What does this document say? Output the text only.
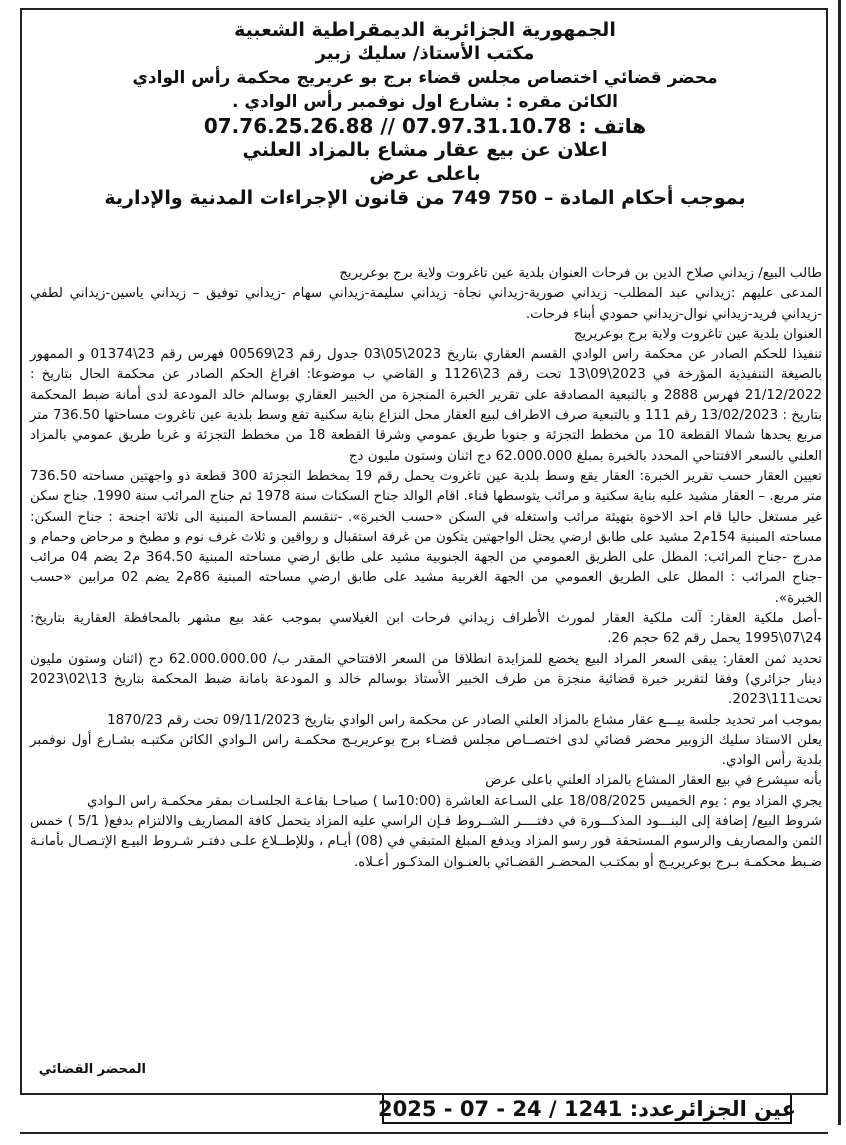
الجمهورية الجزائرية الديمقراطية الشعبية
مكتب الأستاذ/ سليك زبير
محضر قضائي اختصاص مجلس قضاء برج بو عريريج محكمة رأس الوادي
الكائن مقره : بشارع اول نوفمبر رأس الوادي .
هاتف : 07.97.31.10.78 // 07.76.25.26.88
اعلان عن بيع عقار مشاع بالمزاد العلني
باعلى عرض
بموجب أحكام المادة – 750 749 من قانون الإجراءات المدنية والإدارية

طالب البيع/ زيداني صلاح الدين بن فرحات العنوان بلدية عين تاغروت ولاية برج بوعريريج

المدعى عليهم :زيداني عبد المطلب- زيداني صورية-زيداني نجاة- زيداني سليمة-زيداني سهام -زيداني توفيق – زيداني ياسين-زيداني لطفي -زيداني فريد-زيداني نوال-زيداني حمودي أبناء فرحات.

العنوان بلدية عين تاغروت ولاية برج بوعريريج

تنفيذا للحكم الصادر عن محكمة راس الوادي القسم العقاري بتاريخ 2023\05\03 جدول رقم 23\00569 فهرس رقم 23\01374 و الممهور بالصيغة التنفيذية المؤرخة في 2023\09\13 تحت رقم 23\1126 و القاضي ب موضوعا: افراغ الحكم الصادر عن محكمة الحال بتاريخ : 21/12/2022 فهرس 2888 و بالتبعية المصادقة على تقرير الخبرة المنجزة من الخبير العقاري بوسالم خالد المودعة لدى أمانة ضبط المحكمة بتاريخ : 13/02/2023 رقم 111 و بالتبعية صرف الاطراف لبيع العقار محل النزاع بناية سكنية تقع وسط بلدية عين تاغروت مساحتها 736.50 متر مربع يحدها شمالا القطعة 10 من مخطط التجزئة و جنوبا طريق عمومي وشرقا القطعة 18 من مخطط التجزئة و غربا طريق عمومي بالمزاد العلني بالسعر الافتتاحي المحدد بالخبرة بمبلغ 62.000.000 دج اثنان وستون مليون دج

تعيين العقار حسب تقرير الخبرة: العقار يقع وسط بلدية عين تاغروت يحمل رقم 19 بمخطط التجزئة 300 قطعة ذو واجهتين مساحته 736.50 متر مربع. – العقار مشيد عليه بناية سكنية و مرائب يتوسطها فناء. اقام الوالد جناح السكنات سنة 1978 ثم جناح المرائب سنة 1990. جناح سكن غير مستغل حاليا قام احد الاخوة بتهيئة مرائب واستغله في السكن «حسب الخبرة». -تنقسم المساحة المبنية الى ثلاثة اجنحة : جناح السكن: مساحته المبنية 154م2 مشيد على طابق ارضي يحتل الواجهتين يتكون من غرفة استقبال و رواقين و ثلاث غرف نوم و مطبخ و مرحاض وحمام و مدرج -جناح المرائب: المطل على الطريق العمومي من الجهة الجنوبية مشيد على طابق ارضي مساحته المبنية 364.50 م2 يضم 04 مرائب -جناح المرائب : المطل على الطريق العمومي من الجهة الغربية مشيد على طابق ارضي مساحته المبنية 86م2 يضم 02 مرابين «حسب الخبرة».

-أصل ملكية العقار: آلت ملكية العقار لمورث الأطراف زيداني فرحات ابن الغيلاسي بموجب عقد بيع مشهر بالمحافظة العقارية بتاريخ: 24\07\1995 يحمل رقم 62 حجم 26.

تحديد ثمن العقار: يبقى السعر المراد البيع يخضع للمزايدة انطلاقا من السعر الافتتاحي المقدر ب/ 62.000.000.00 دج (اثنان وستون مليون دينار جزائري) وفقا لتقرير خبرة قضائية منجزة من طرف الخبير الأستاذ بوسالم خالد و المودعة بامانة ضبط المحكمة بتاريخ 13\02\2023 تحت111\2023.

بموجب امر تحديد جلسة بيـــع عقار مشاع بالمزاد العلني الصادر عن محكمة راس الوادي بتاريخ 09/11/2023 تحت رقم 1870/23

يعلن الاستاذ سليك الزوبير محضر قضائي لدى اختصــاص مجلس قضـاء برج بوعريريـج محكمـة راس الـوادي الكائن مكتبـه بشـارع أول نوفمبر بلدية رأس الوادي.

بأنه سيشرع في بيع العقار المشاع بالمزاد العلني باعلى عرض

يجري المزاد يوم : يوم الخميس 18/08/2025 على السـاعة العاشرة (10:00سا ) صباحـا بقاعـة الجلسـات بمقر محكمـة راس الـوادي

شروط البيع/ إضافة إلى البنـــود المذكـــورة في دفتــــر الشــروط فـإن الراسي عليه المزاد يتحمل كافة المصاريف والالتزام بدفع( 5/1 ) خمس الثمن والمصاريف والرسوم المستحقة فور رسو المزاد ويدفع المبلغ المتبقي في (08) أيـام ، وللإطــلاع علـى دفتـر شـروط البيـع الإتـصـال بأمانـة ضـبط محكمـة بـرج بوعريريـج أو بمكتـب المحضـر القضـائي بالعنـوان المذكـور أعـلاه.

المحضر القضائي
عين الجزائرعدد: 1241 / 24 - 07 - 2025
